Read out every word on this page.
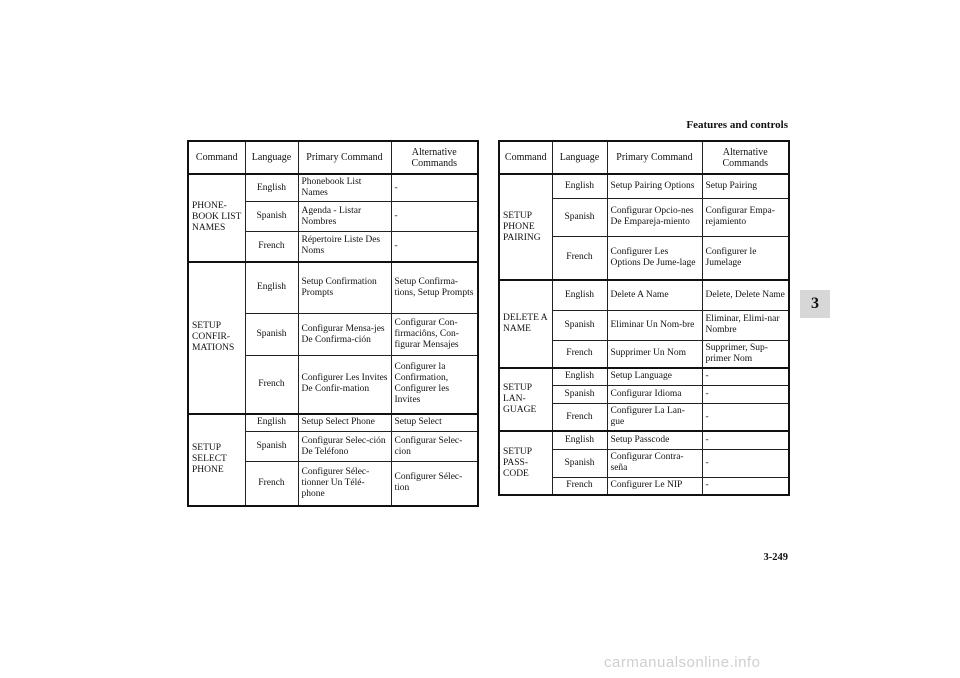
Features and controls
3
3-249
carmanualsonline.info
Command	Language	Primary Command	Alternative Commands
PHONE-BOOK LIST NAMES	English	Phonebook List Names	-
	Spanish	Agenda - Listar Nombres	-
	French	Répertoire Liste Des Noms	-
SETUP CONFIR-MATIONS	English	Setup Confirmation Prompts	Setup Confirma-tions, Setup Prompts
	Spanish	Configurar Mensa-jes De Confirma-ción	Configurar Con-firmaciôns, Con-figurar Mensajes
	French	Configurer Les Invites De Confir-mation	Configurer la Confirmation, Configurer les Invites
SETUP SELECT PHONE	English	Setup Select Phone	Setup Select
	Spanish	Configurar Selec-ción De Teléfono	Configurar Selec-cion
	French	Configurer Sélec-tionner Un Télé-phone	Configurer Sélec-tion
Command	Language	Primary Command	Alternative Commands
SETUP PHONE PAIRING	English	Setup Pairing Options	Setup Pairing
	Spanish	Configurar Opcio-nes De Empareja-miento	Configurar Empa-rejamiento
	French	Configurer Les Options De Jume-lage	Configurer le Jumelage
DELETE A NAME	English	Delete A Name	Delete, Delete Name
	Spanish	Eliminar Un Nom-bre	Eliminar, Elimi-nar Nombre
	French	Supprimer Un Nom	Supprimer, Sup-primer Nom
SETUP LAN-GUAGE	English	Setup Language	-
	Spanish	Configurar Idioma	-
	French	Configurer La Lan-gue	-
SETUP PASS-CODE	English	Setup Passcode	-
	Spanish	Configurar Contra-seña	-
	French	Configurer Le NIP	-
